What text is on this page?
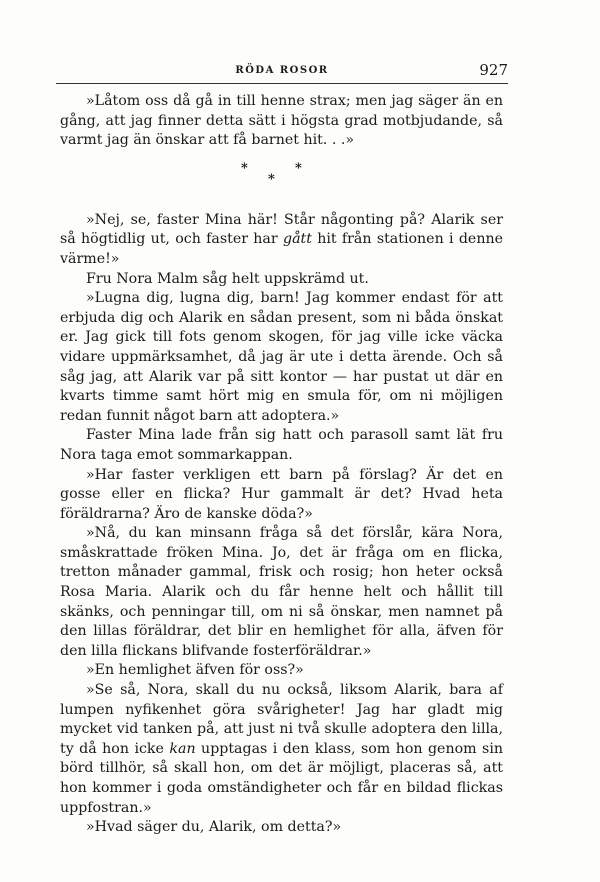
RÖDA ROSOR	927

»Låtom oss då gå in till henne strax; men jag säger än en gång, att jag finner detta sätt i högsta grad motbjudande, så varmt jag än önskar att få barnet hit. . .»

*
*
*

»Nej, se, faster Mina här! Står någonting på? Alarik ser så högtidlig ut, och faster har gått hit från stationen i denne värme!»

Fru Nora Malm såg helt uppskrämd ut.

»Lugna dig, lugna dig, barn! Jag kommer endast för att erbjuda dig och Alarik en sådan present, som ni båda önskat er. Jag gick till fots genom skogen, för jag ville icke väcka vidare uppmärksamhet, då jag är ute i detta ärende. Och så såg jag, att Alarik var på sitt kontor — har pustat ut där en kvarts timme samt hört mig en smula för, om ni möjligen redan funnit något barn att adoptera.»

Faster Mina lade från sig hatt och parasoll samt lät fru Nora taga emot sommarkappan.

»Har faster verkligen ett barn på förslag? Är det en gosse eller en flicka? Hur gammalt är det? Hvad heta föräldrarna? Äro de kanske döda?»

»Nå, du kan minsann fråga så det förslår, kära Nora, småskrattade fröken Mina. Jo, det är fråga om en flicka, tretton månader gammal, frisk och rosig; hon heter också Rosa Maria. Alarik och du får henne helt och hållit till skänks, och penningar till, om ni så önskar, men namnet på den lillas föräldrar, det blir en hemlighet för alla, äfven för den lilla flickans blifvande fosterföräldrar.»

»En hemlighet äfven för oss?»

»Se så, Nora, skall du nu också, liksom Alarik, bara af lumpen nyfikenhet göra svårigheter! Jag har gladt mig mycket vid tanken på, att just ni två skulle adoptera den lilla, ty då hon icke kan upptagas i den klass, som hon genom sin börd tillhör, så skall hon, om det är möjligt, placeras så, att hon kommer i goda omständigheter och får en bildad flickas uppfostran.»

»Hvad säger du, Alarik, om detta?»
